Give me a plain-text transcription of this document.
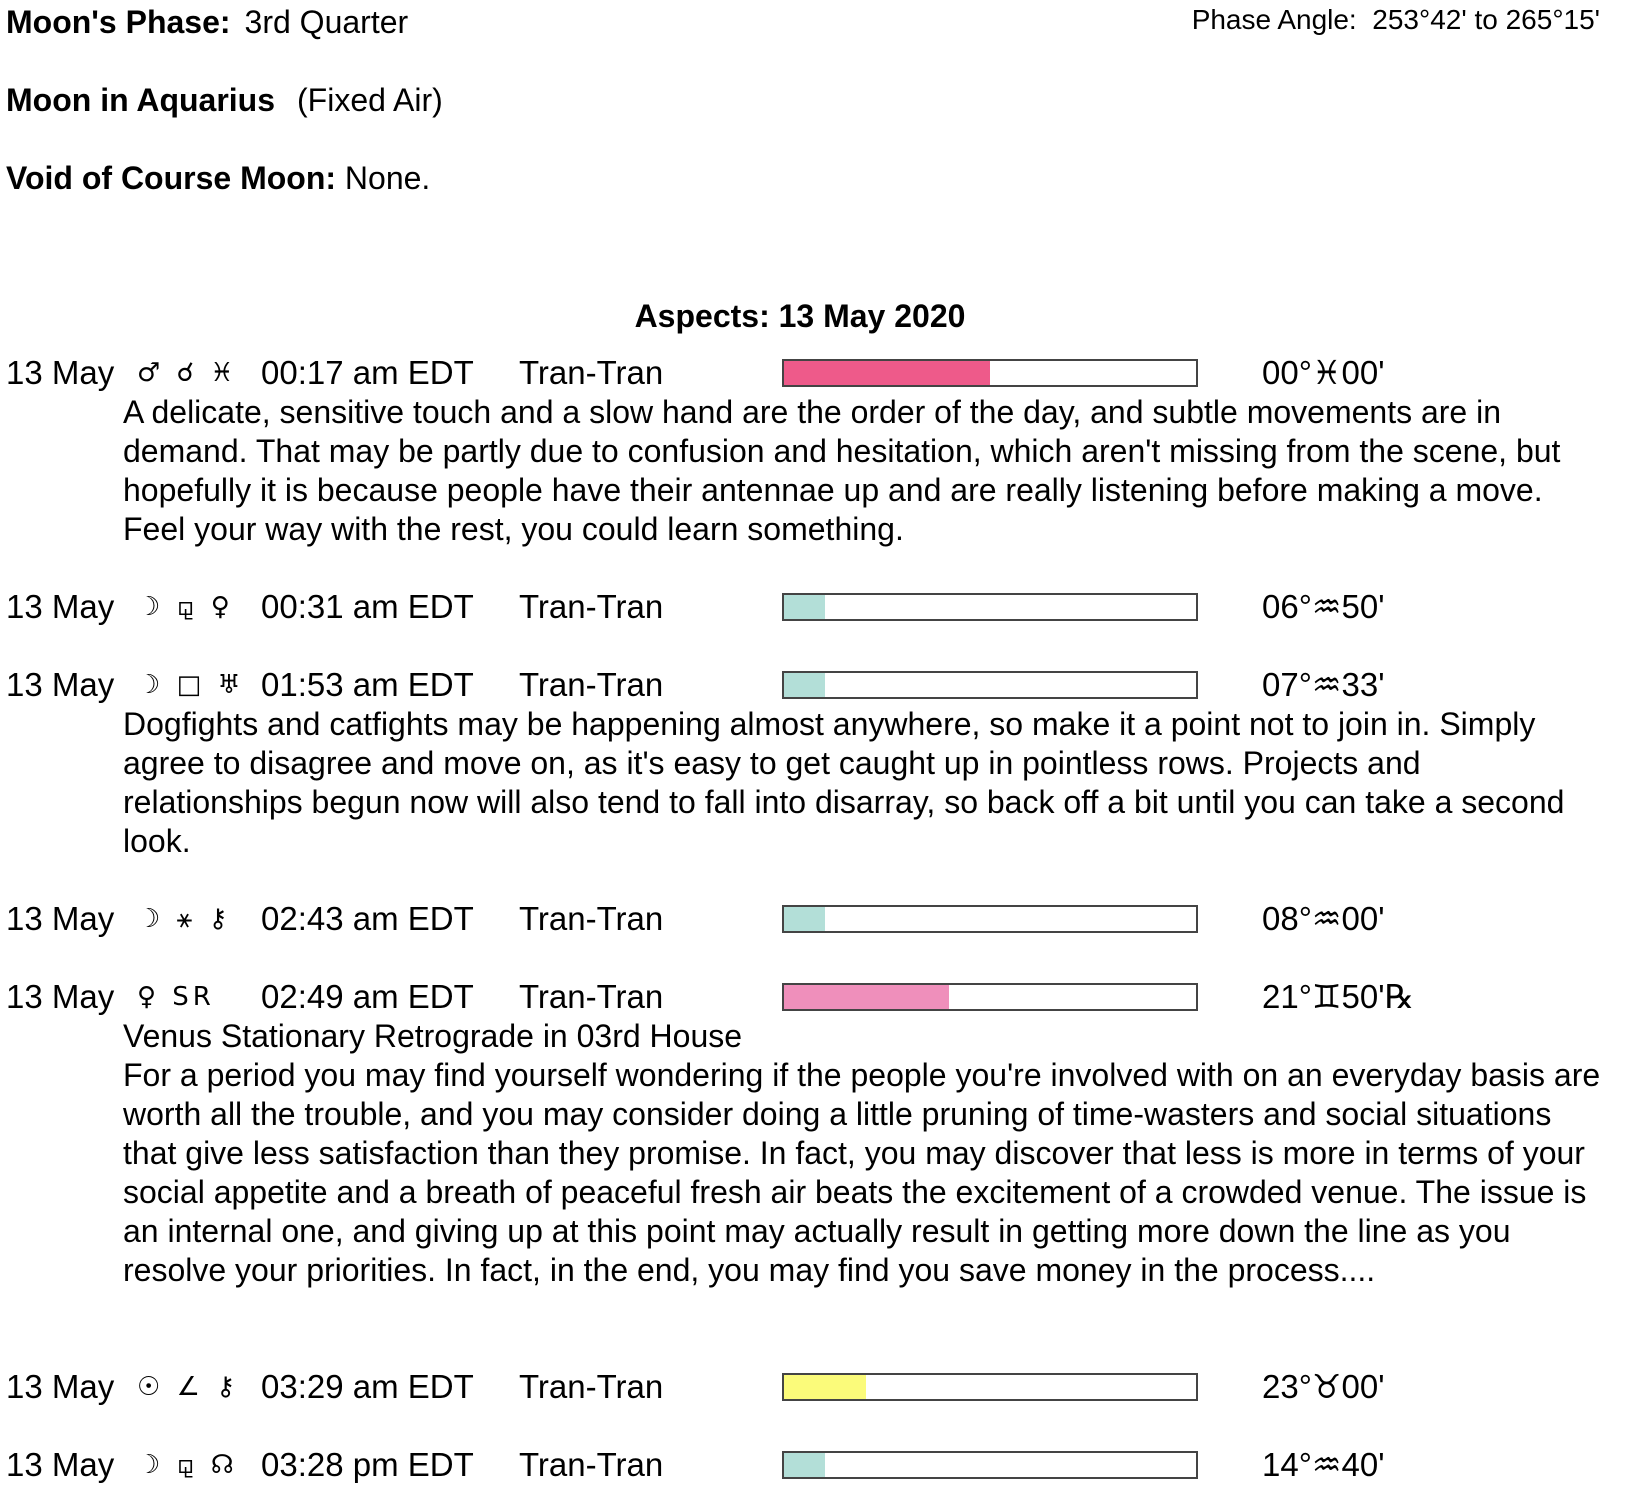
Moon's Phase: 3rd Quarter	Phase Angle: 253°42' to 265°15'
Moon in Aquarius (Fixed Air)
Void of Course Moon: None.
Aspects: 13 May 2020
13 May ♂ ☌ ♓ 00:17 am EDT Tran-Tran	00°♓00'

A delicate, sensitive touch and a slow hand are the order of the day, and subtle movements are in demand. That may be partly due to confusion and hesitation, which aren't missing from the scene, but hopefully it is because people have their antennae up and are really listening before making a move. Feel your way with the rest, you could learn something.

13 May ☽ ⚼ ♀ 00:31 am EDT Tran-Tran	06°♒50'
13 May ☽ □ ♅ 01:53 am EDT Tran-Tran	07°♒33'

Dogfights and catfights may be happening almost anywhere, so make it a point not to join in. Simply agree to disagree and move on, as it's easy to get caught up in pointless rows. Projects and relationships begun now will also tend to fall into disarray, so back off a bit until you can take a second look.

13 May ☽ ⚹ ⚷ 02:43 am EDT Tran-Tran	08°♒00'
13 May ♀ SR 02:49 am EDT Tran-Tran	21°♊50'℞

Venus Stationary Retrograde in 03rd House

For a period you may find yourself wondering if the people you're involved with on an everyday basis are worth all the trouble, and you may consider doing a little pruning of time-wasters and social situations that give less satisfaction than they promise. In fact, you may discover that less is more in terms of your social appetite and a breath of peaceful fresh air beats the excitement of a crowded venue. The issue is an internal one, and giving up at this point may actually result in getting more down the line as you resolve your priorities. In fact, in the end, you may find you save money in the process....

13 May ☉ ∠ ⚷ 03:29 am EDT Tran-Tran	23°♉00'
13 May ☽ ⚼ ☊ 03:28 pm EDT Tran-Tran	14°♒40'
